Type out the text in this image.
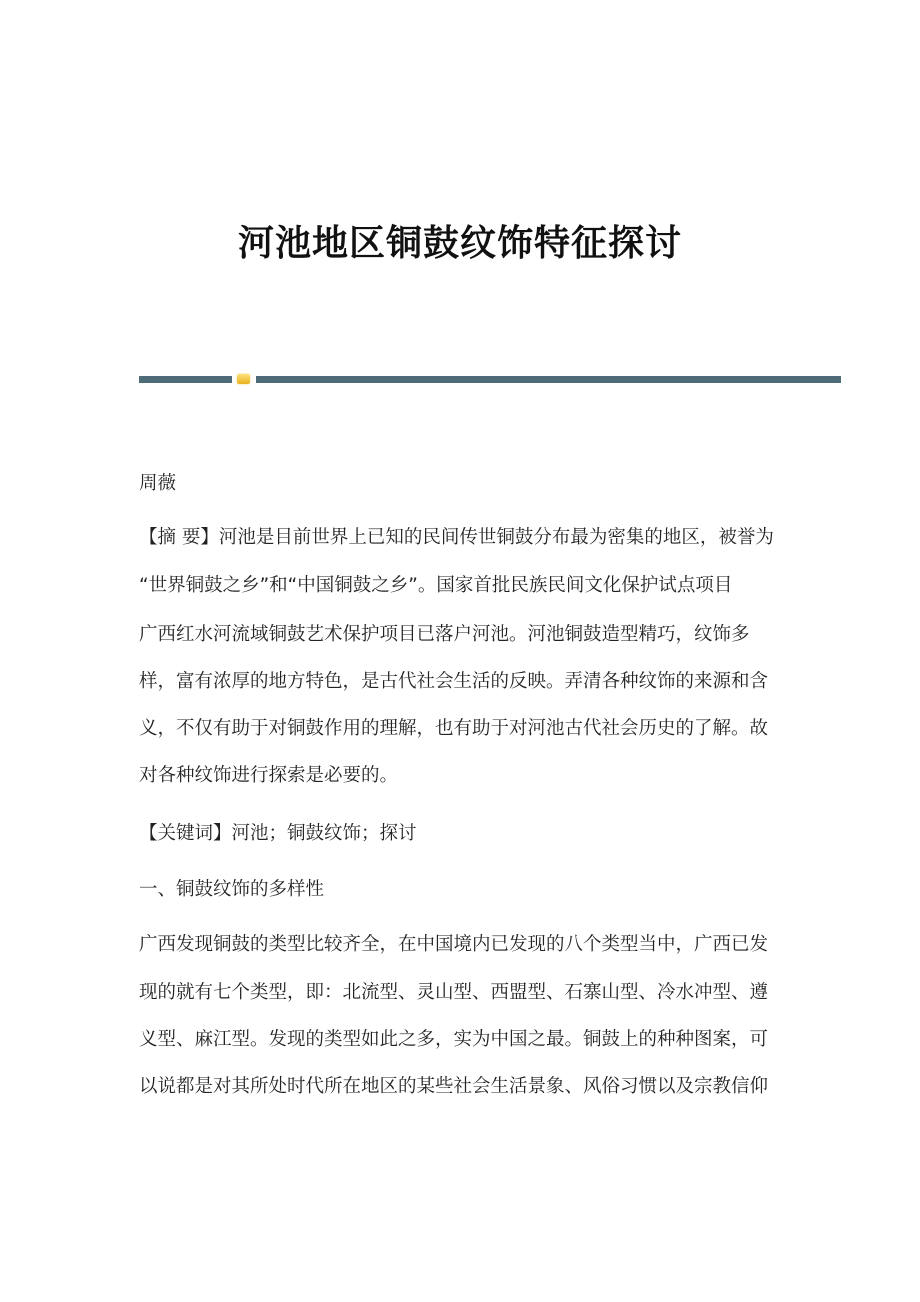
河池地区铜鼓纹饰特征探讨
周薇
【摘 要】河池是目前世界上已知的民间传世铜鼓分布最为密集的地区，被誉为
“世界铜鼓之乡”和“中国铜鼓之乡”。国家首批民族民间文化保护试点项目
广西红水河流域铜鼓艺术保护项目已落户河池。河池铜鼓造型精巧，纹饰多
样，富有浓厚的地方特色，是古代社会生活的反映。弄清各种纹饰的来源和含
义，不仅有助于对铜鼓作用的理解，也有助于对河池古代社会历史的了解。故
对各种纹饰进行探索是必要的。
【关键词】河池；铜鼓纹饰；探讨
一、铜鼓纹饰的多样性
广西发现铜鼓的类型比较齐全，在中国境内已发现的八个类型当中，广西已发
现的就有七个类型，即：北流型、灵山型、西盟型、石寨山型、冷水冲型、遵
义型、麻江型。发现的类型如此之多，实为中国之最。铜鼓上的种种图案，可
以说都是对其所处时代所在地区的某些社会生活景象、风俗习惯以及宗教信仰
